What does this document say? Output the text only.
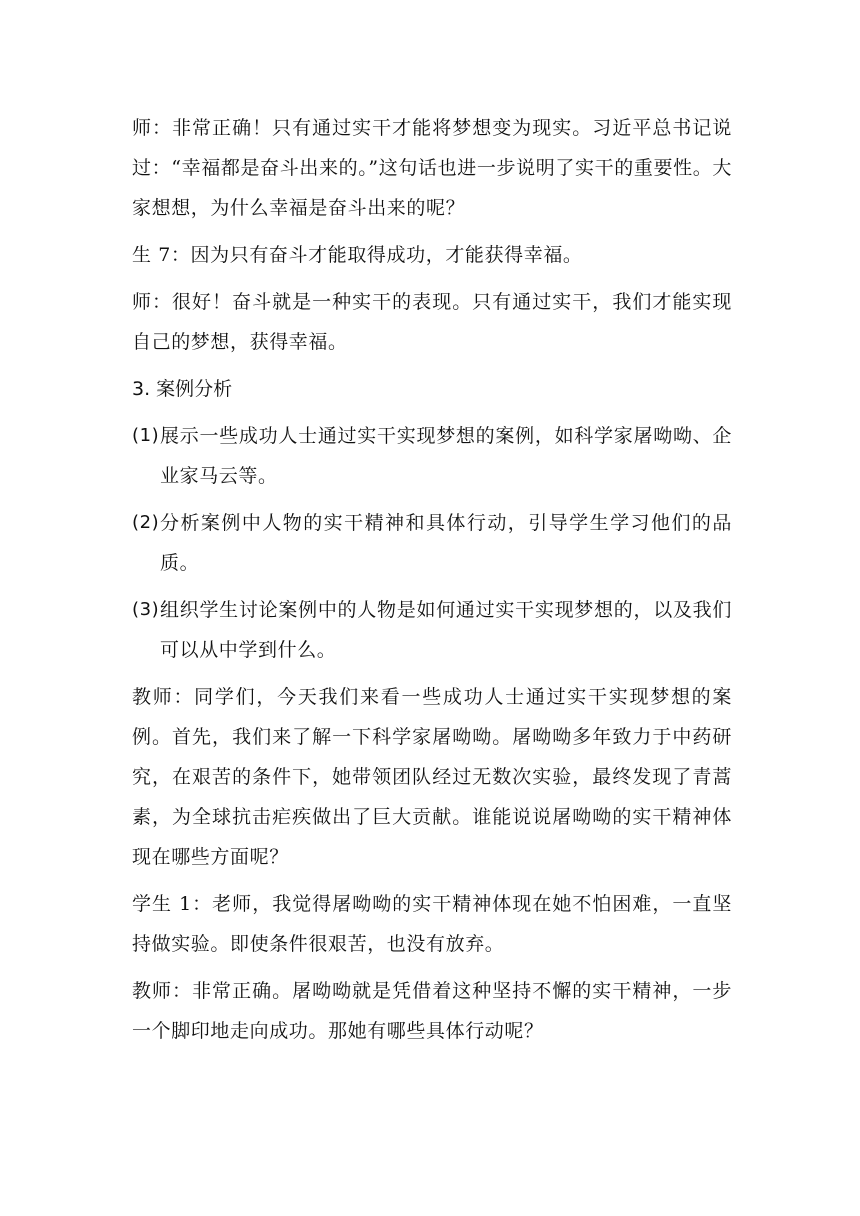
师：非常正确！只有通过实干才能将梦想变为现实。习近平总书记说过：“幸福都是奋斗出来的。”这句话也进一步说明了实干的重要性。大家想想，为什么幸福是奋斗出来的呢？

生 7：因为只有奋斗才能取得成功，才能获得幸福。

师：很好！奋斗就是一种实干的表现。只有通过实干，我们才能实现自己的梦想，获得幸福。

3. 案例分析
(1) 展示一些成功人士通过实干实现梦想的案例，如科学家屠呦呦、企业家马云等。
(2) 分析案例中人物的实干精神和具体行动，引导学生学习他们的品质。
(3) 组织学生讨论案例中的人物是如何通过实干实现梦想的，以及我们可以从中学到什么。

教师：同学们，今天我们来看一些成功人士通过实干实现梦想的案例。首先，我们来了解一下科学家屠呦呦。屠呦呦多年致力于中药研究，在艰苦的条件下，她带领团队经过无数次实验，最终发现了青蒿素，为全球抗击疟疾做出了巨大贡献。谁能说说屠呦呦的实干精神体现在哪些方面呢？

学生 1：老师，我觉得屠呦呦的实干精神体现在她不怕困难，一直坚持做实验。即使条件很艰苦，也没有放弃。

教师：非常正确。屠呦呦就是凭借着这种坚持不懈的实干精神，一步一个脚印地走向成功。那她有哪些具体行动呢？
